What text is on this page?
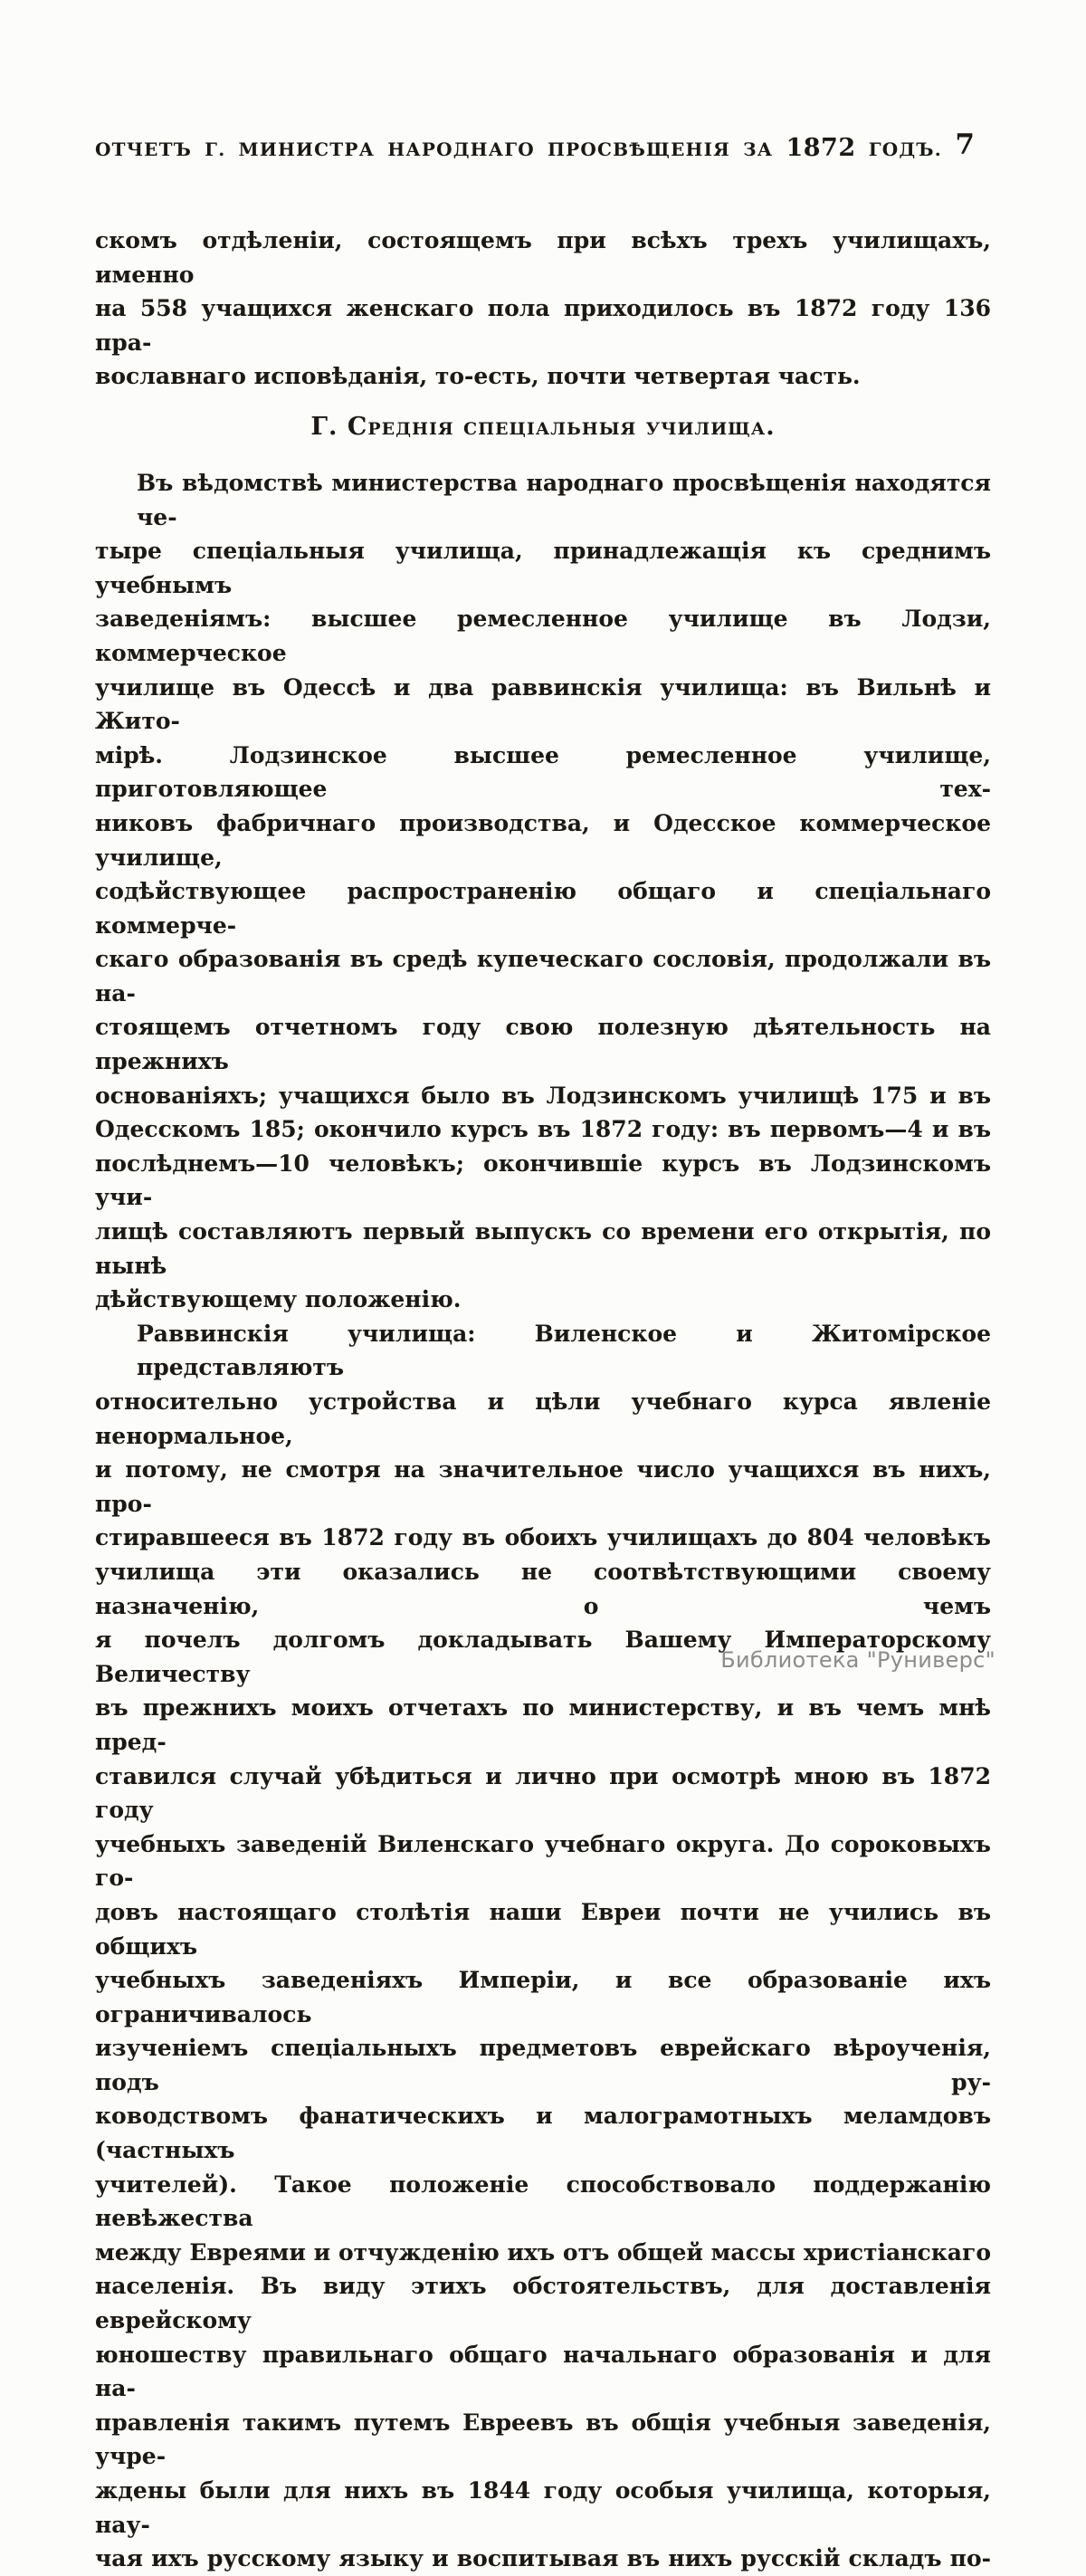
ОТЧЕТЪ Г. МИНИСТРА НАРОДНАГО ПРОСВѢЩЕНІЯ ЗА 1872 ГОДЪ. 7
скомъ отдѣленіи, состоящемъ при всѣхъ трехъ училищахъ, именно
на 558 учащихся женскаго пола приходилось въ 1872 году 136 пра-
вославнаго исповѣданія, то-есть, почти четвертая часть.
Г. Среднія спеціальныя училища.
Въ вѣдомствѣ министерства народнаго просвѣщенія находятся че-
тыре спеціальныя училища, принадлежащія къ среднимъ учебнымъ
заведеніямъ: высшее ремесленное училище въ Лодзи, коммерческое
училище въ Одессѣ и два раввинскія училища: въ Вильнѣ и Жито-
мірѣ. Лодзинское высшее ремесленное училище, приготовляющее тех-
никовъ фабричнаго производства, и Одесское коммерческое училище,
содѣйствующее распространенію общаго и спеціальнаго коммерче-
скаго образованія въ средѣ купеческаго сословія, продолжали въ на-
стоящемъ отчетномъ году свою полезную дѣятельность на прежнихъ
основаніяхъ; учащихся было въ Лодзинскомъ училищѣ 175 и въ
Одесскомъ 185; окончило курсъ въ 1872 году: въ первомъ—4 и въ
послѣднемъ—10 человѣкъ; окончившіе курсъ въ Лодзинскомъ учи-
лищѣ составляютъ первый выпускъ со времени его открытія, по нынѣ
дѣйствующему положенію.
Раввинскія училища: Виленское и Житомірское представляютъ
относительно устройства и цѣли учебнаго курса явленіе ненормальное,
и потому, не смотря на значительное число учащихся въ нихъ, про-
стиравшееся въ 1872 году въ обоихъ училищахъ до 804 человѣкъ
училища эти оказались не соотвѣтствующими своему назначенію, о чемъ
я почелъ долгомъ докладывать Вашему Императорскому Величеству
въ прежнихъ моихъ отчетахъ по министерству, и въ чемъ мнѣ пред-
ставился случай убѣдиться и лично при осмотрѣ мною въ 1872 году
учебныхъ заведеній Виленскаго учебнаго округа. До сороковыхъ го-
довъ настоящаго столѣтія наши Евреи почти не учились въ общихъ
учебныхъ заведеніяхъ Имперіи, и все образованіе ихъ ограничивалось
изученіемъ спеціальныхъ предметовъ еврейскаго вѣроученія, подъ ру-
ководствомъ фанатическихъ и малограмотныхъ меламдовъ (частныхъ
учителей). Такое положеніе способствовало поддержанію невѣжества
между Евреями и отчужденію ихъ отъ общей массы христіанскаго
населенія. Въ виду этихъ обстоятельствъ, для доставленія еврейскому
юношеству правильнаго общаго начальнаго образованія и для на-
правленія такимъ путемъ Евреевъ въ общія учебныя заведенія, учре-
ждены были для нихъ въ 1844 году особыя училища, которыя, нау-
чая ихъ русскому языку и воспитывая въ нихъ русскій складъ по-
Библиотека "Руниверс"
